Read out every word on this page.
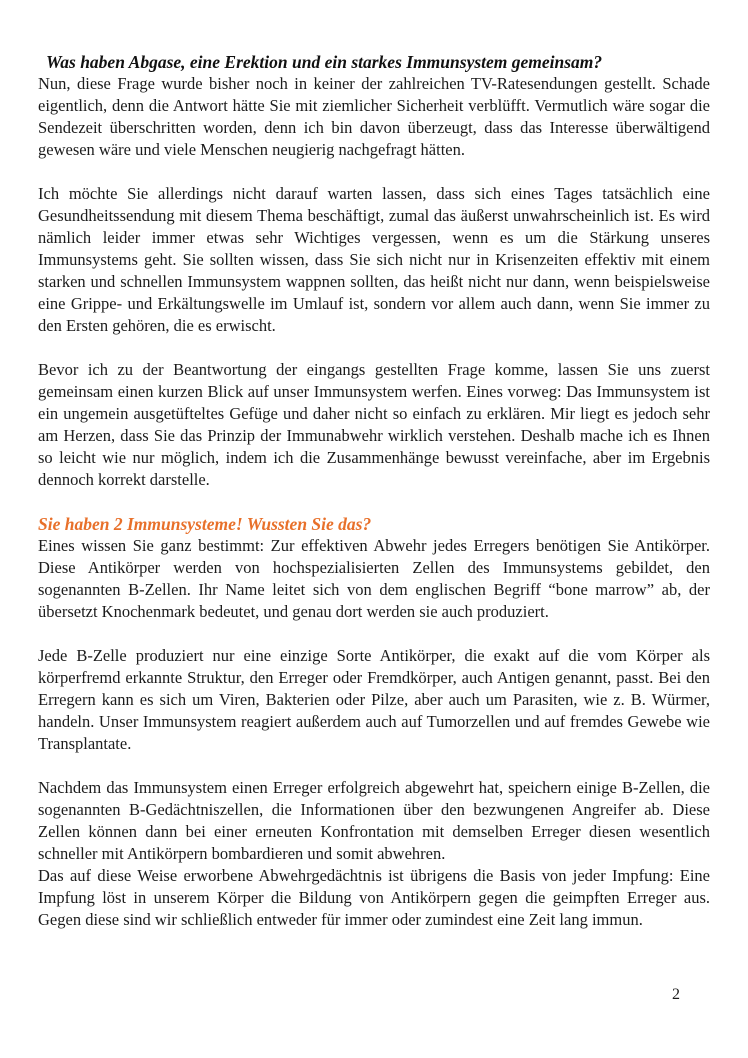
Was haben Abgase, eine Erektion und ein starkes Immunsystem gemeinsam?

Nun, diese Frage wurde bisher noch in keiner der zahlreichen TV-Ratesendungen gestellt. Schade eigentlich, denn die Antwort hätte Sie mit ziemlicher Sicherheit verblüfft. Vermutlich wäre sogar die Sendezeit überschritten worden, denn ich bin davon überzeugt, dass das Interesse überwältigend gewesen wäre und viele Menschen neugierig nachgefragt hätten.

Ich möchte Sie allerdings nicht darauf warten lassen, dass sich eines Tages tatsächlich eine Gesundheitssendung mit diesem Thema beschäftigt, zumal das äußerst unwahrscheinlich ist. Es wird nämlich leider immer etwas sehr Wichtiges vergessen, wenn es um die Stärkung unseres Immunsystems geht. Sie sollten wissen, dass Sie sich nicht nur in Krisenzeiten effektiv mit einem starken und schnellen Immunsystem wappnen sollten, das heißt nicht nur dann, wenn beispielsweise eine Grippe- und Erkältungswelle im Umlauf ist, sondern vor allem auch dann, wenn Sie immer zu den Ersten gehören, die es erwischt.

Bevor ich zu der Beantwortung der eingangs gestellten Frage komme, lassen Sie uns zuerst gemeinsam einen kurzen Blick auf unser Immunsystem werfen. Eines vorweg: Das Immunsystem ist ein ungemein ausgetüfteltes Gefüge und daher nicht so einfach zu erklären. Mir liegt es jedoch sehr am Herzen, dass Sie das Prinzip der Immunabwehr wirklich verstehen. Deshalb mache ich es Ihnen so leicht wie nur möglich, indem ich die Zusammenhänge bewusst vereinfache, aber im Ergebnis dennoch korrekt darstelle.

Sie haben 2 Immunsysteme! Wussten Sie das?

Eines wissen Sie ganz bestimmt: Zur effektiven Abwehr jedes Erregers benötigen Sie Antikörper. Diese Antikörper werden von hochspezialisierten Zellen des Immunsystems gebildet, den sogenannten B-Zellen. Ihr Name leitet sich von dem englischen Begriff “bone marrow” ab, der übersetzt Knochenmark bedeutet, und genau dort werden sie auch produziert.

Jede B-Zelle produziert nur eine einzige Sorte Antikörper, die exakt auf die vom Körper als körperfremd erkannte Struktur, den Erreger oder Fremdkörper, auch Antigen genannt, passt. Bei den Erregern kann es sich um Viren, Bakterien oder Pilze, aber auch um Parasiten, wie z. B. Würmer, handeln. Unser Immunsystem reagiert außerdem auch auf Tumorzellen und auf fremdes Gewebe wie Transplantate.

Nachdem das Immunsystem einen Erreger erfolgreich abgewehrt hat, speichern einige B-Zellen, die sogenannten B-Gedächtniszellen, die Informationen über den bezwungenen Angreifer ab. Diese Zellen können dann bei einer erneuten Konfrontation mit demselben Erreger diesen wesentlich schneller mit Antikörpern bombardieren und somit abwehren.

Das auf diese Weise erworbene Abwehrgedächtnis ist übrigens die Basis von jeder Impfung: Eine Impfung löst in unserem Körper die Bildung von Antikörpern gegen die geimpften Erreger aus. Gegen diese sind wir schließlich entweder für immer oder zumindest eine Zeit lang immun.

2
